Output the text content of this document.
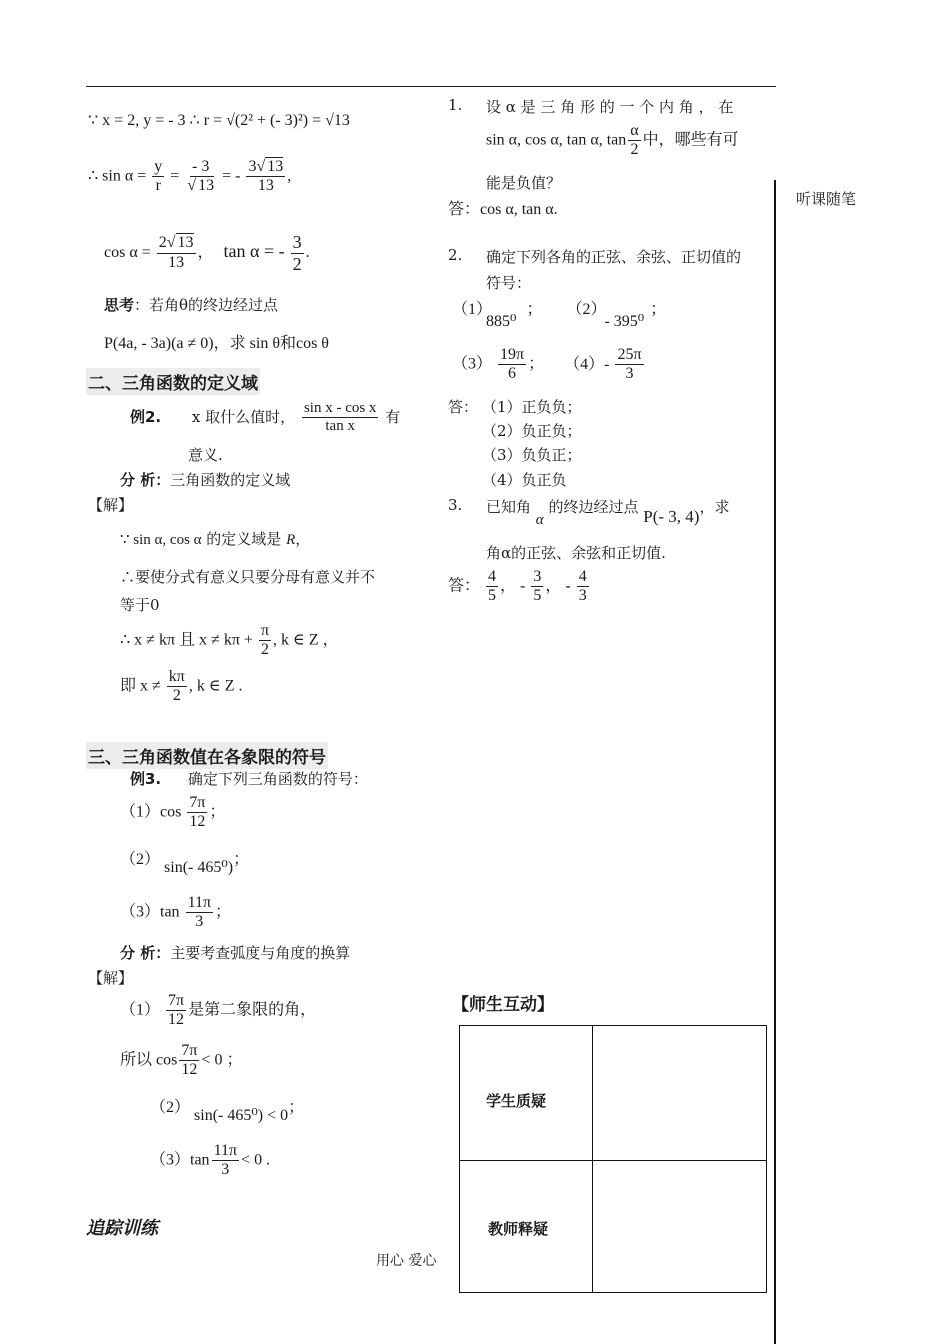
听课随笔
∵ x = 2, y = - 3 ∴ r = √(2² + (- 3)²) = √13
∴ $\sin \alpha = \frac{y}{r} = \frac{- 3}{√ 13}$ = - $\frac{3√ 13}{13}$ ,
$\cos \alpha = \frac{2√ 13}{13}$ ， tan α = - $\frac{3}{2}$ .
思考：若角θ的终边经过点
P(4a, - 3a)(a ≠ 0)，求 sin θ和cos θ
二、三角函数的定义域
例2. x 取什么值时， $\frac{\text{sin x - cos x}}{\text{tan x}}$ 有
意义.
分 析：三角函数的定义域
【解】
∵ sin α, cos α 的定义域是 R，
∴要使分式有意义只要分母有意义并不
等于0
∴ x ≠ kπ 且 $x \ne k\pi + \frac{\pi}{2}$ , k ∈ Z ，
即 $x \ne \frac{k\pi}{2}$ , k ∈ Z .
三、三角函数值在各象限的符号
例3. 确定下列三角函数的符号：
$(1)\cos \frac{7\pi}{12}$ ；
（2） sin(- 465⁰)；
$(3)\tan \frac{11\pi}{3}$ ；
分 析：主要考查弧度与角度的换算
【解】
$(1) \frac{7\pi}{12}$ 是第二象限的角，
所以 $\cos \frac{7\pi}{12} < 0$ ；
（2） sin(- 465⁰) < 0；
$(3)\tan \frac{11\pi}{3} < 0$ .
追踪训练
用心 爱心
1. 设 α 是 三 角 形 的 一 个 内 角 ， 在
sin α, cos α, tan α, $\tan \frac{\alpha}{2}$ 中，哪些有可
能是负值？
答：cos α, tan α.
2. 确定下列各角的正弦、余弦、正切值的
符号：
（1） 885⁰； （2） - 395⁰；
$(3) \frac{19\pi}{6}$ ； $(4)- \frac{25\pi}{3}$
答： （1）正负负；
（2）负正负；
（3）负负正；
（4）负正负
3. 已知角 α 的终边经过点 P(- 3, 4)，求
角α的正弦、余弦和正切值.
答： $\frac{4}{5}$ ， - $\frac{3}{5}$ ， - $\frac{4}{3}$
【师生互动】
学生质疑
教师释疑
